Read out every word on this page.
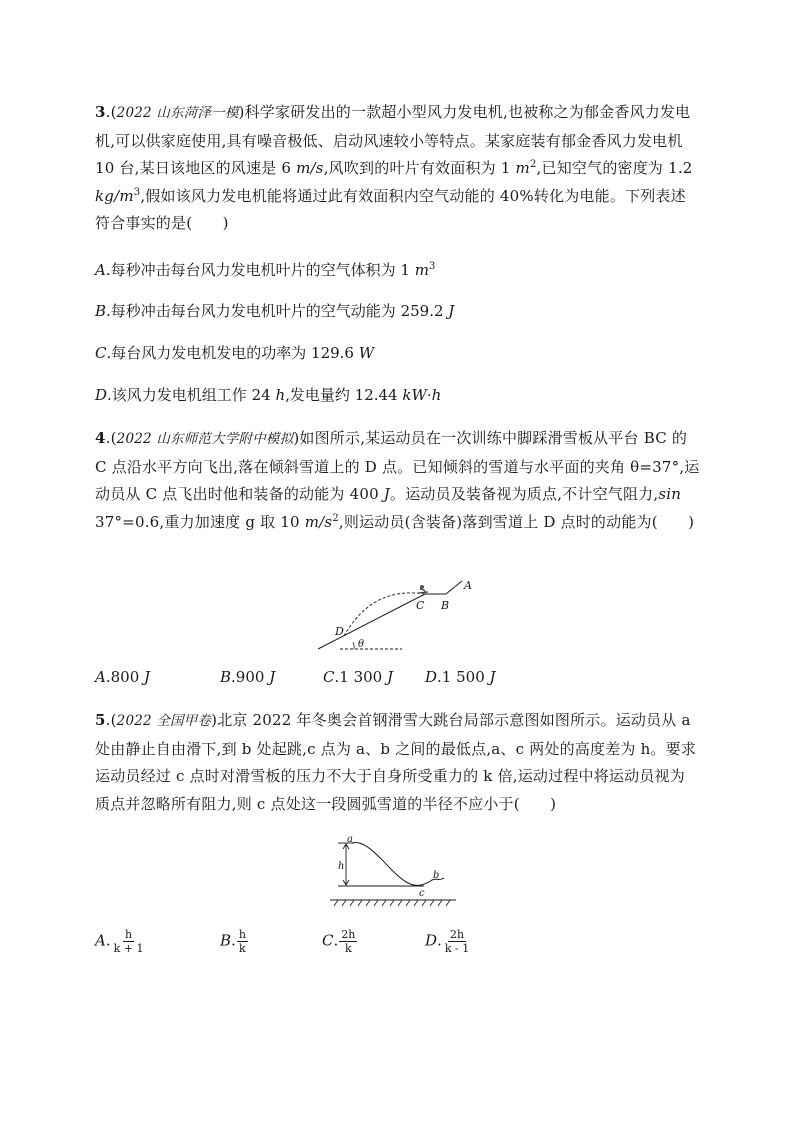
3.(2022 山东菏泽一模)科学家研发出的一款超小型风力发电机,也被称之为郁金香风力发电机,可以供家庭使用,具有噪音极低、启动风速较小等特点。某家庭装有郁金香风力发电机 10 台,某日该地区的风速是 6 m/s,风吹到的叶片有效面积为 1 $m^2$,已知空气的密度为 1.2 $kg/m^3$,假如该风力发电机能将通过此有效面积内空气动能的 40%转化为电能。下列表述符合事实的是(　　)
A.每秒冲击每台风力发电机叶片的空气体积为 1 $m^3$
B.每秒冲击每台风力发电机叶片的空气动能为 259.2 J
C.每台风力发电机发电的功率为 129.6 W
D.该风力发电机组工作 24 h,发电量约 12.44 kW·h
4.(2022 山东师范大学附中模拟)如图所示,某运动员在一次训练中脚踩滑雪板从平台 BC 的 C 点沿水平方向飞出,落在倾斜雪道上的 D 点。已知倾斜的雪道与水平面的夹角 θ=37°,运动员从 C 点飞出时他和装备的动能为 400 J。运动员及装备视为质点,不计空气阻力,sin 37°=0.6,重力加速度 g 取 10 $m/s^2$,则运动员(含装备)落到雪道上 D 点时的动能为(　　)
A
B
C
D
θ
A.800 J	B.900 J	C.1 300 J D.1 500 J
5.(2022 全国甲卷)北京 2022 年冬奥会首钢滑雪大跳台局部示意图如图所示。运动员从 a 处由静止自由滑下,到 b 处起跳,c 点为 a、b 之间的最低点,a、c 两处的高度差为 h。要求运动员经过 c 点时对滑雪板的压力不大于自身所受重力的 k 倍,运动过程中将运动员视为质点并忽略所有阻力,则 c 点处这一段圆弧雪道的半径不应小于(　　)
a
h
c
b
A. $\frac{h}{k + 1}$	B. $\frac{h}{k}$	C. $\frac{2h}{k}$	D. $\frac{2h}{k - 1}$
